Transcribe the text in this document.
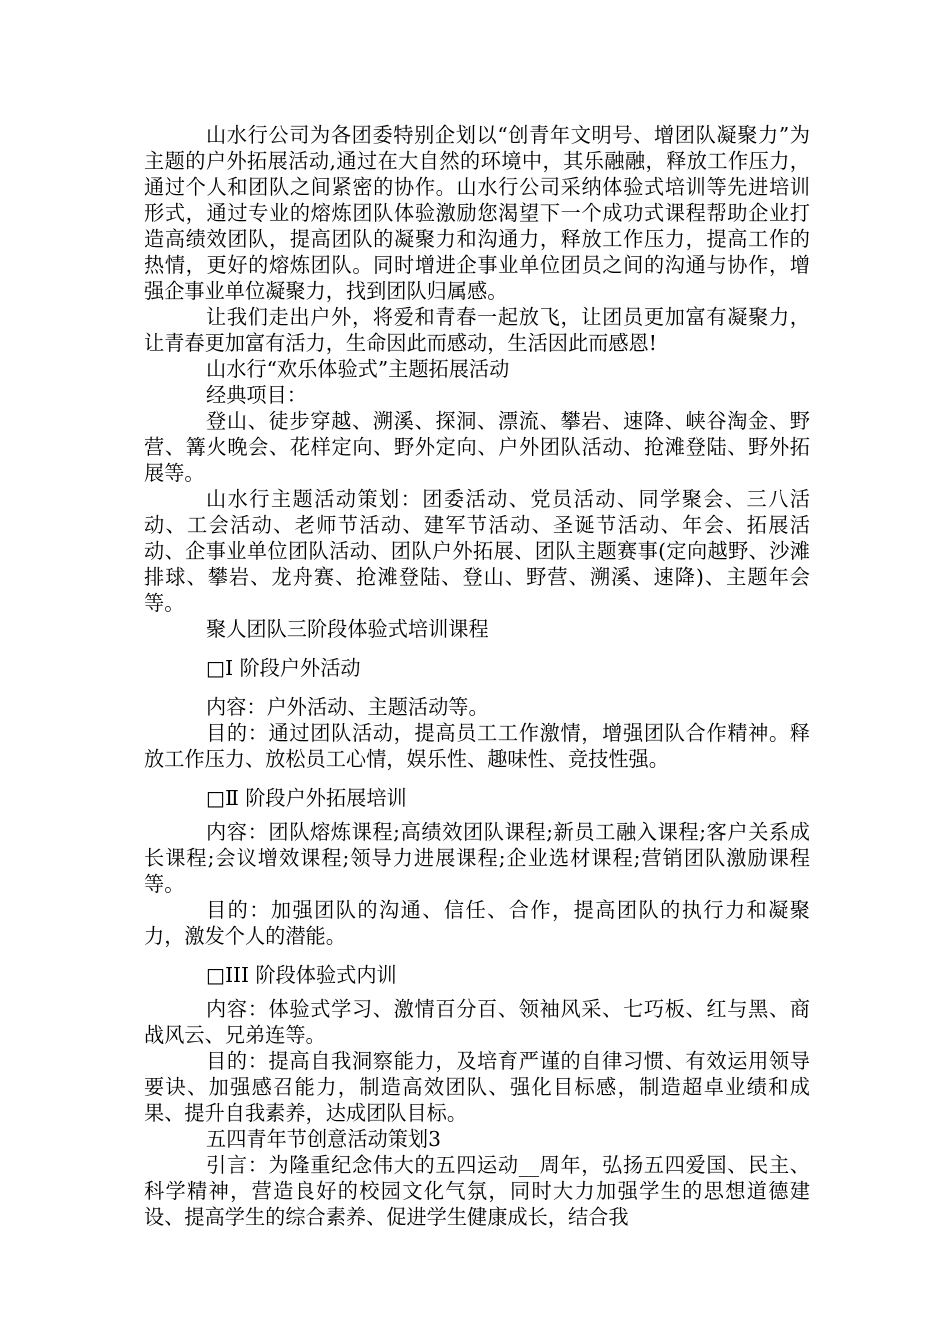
山水行公司为各团委特别企划以“创青年文明号、增团队凝聚力”为主题的户外拓展活动,通过在大自然的环境中，其乐融融，释放工作压力，通过个人和团队之间紧密的协作。山水行公司采纳体验式培训等先进培训形式，通过专业的熔炼团队体验激励您渴望下一个成功式课程帮助企业打造高绩效团队，提高团队的凝聚力和沟通力，释放工作压力，提高工作的热情，更好的熔炼团队。同时增进企事业单位团员之间的沟通与协作，增强企事业单位凝聚力，找到团队归属感。

让我们走出户外，将爱和青春一起放飞，让团员更加富有凝聚力，让青春更加富有活力，生命因此而感动，生活因此而感恩!

山水行“欢乐体验式”主题拓展活动

经典项目：

登山、徒步穿越、溯溪、探洞、漂流、攀岩、速降、峡谷淘金、野营、篝火晚会、花样定向、野外定向、户外团队活动、抢滩登陆、野外拓展等。

山水行主题活动策划：团委活动、党员活动、同学聚会、三八活动、工会活动、老师节活动、建军节活动、圣诞节活动、年会、拓展活动、企事业单位团队活动、团队户外拓展、团队主题赛事(定向越野、沙滩排球、攀岩、龙舟赛、抢滩登陆、登山、野营、溯溪、速降)、主题年会等。

聚人团队三阶段体验式培训课程

□Ⅰ 阶段户外活动

内容：户外活动、主题活动等。

目的：通过团队活动，提高员工工作激情，增强团队合作精神。释放工作压力、放松员工心情，娱乐性、趣味性、竞技性强。

□Ⅱ 阶段户外拓展培训

内容：团队熔炼课程;高绩效团队课程;新员工融入课程;客户关系成长课程;会议增效课程;领导力进展课程;企业选材课程;营销团队激励课程等。

目的：加强团队的沟通、信任、合作，提高团队的执行力和凝聚力，激发个人的潜能。

□III 阶段体验式内训

内容：体验式学习、激情百分百、领袖风采、七巧板、红与黑、商战风云、兄弟连等。

目的：提高自我洞察能力，及培育严谨的自律习惯、有效运用领导要诀、加强感召能力，制造高效团队、强化目标感，制造超卓业绩和成果、提升自我素养，达成团队目标。

五四青年节创意活动策划3

引言：为隆重纪念伟大的五四运动__周年，弘扬五四爱国、民主、科学精神，营造良好的校园文化气氛，同时大力加强学生的思想道德建设、提高学生的综合素养、促进学生健康成长，结合我
